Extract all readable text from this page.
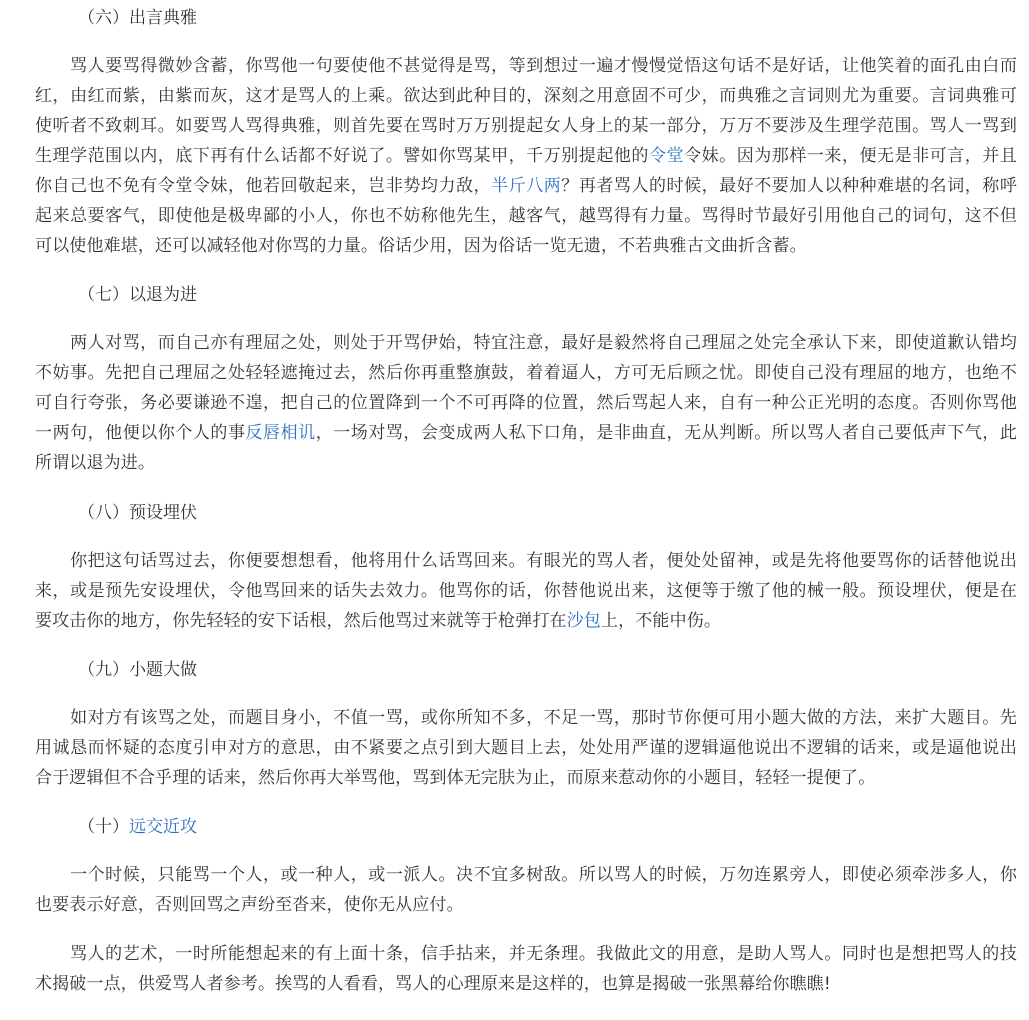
（六）出言典雅

　　骂人要骂得微妙含蓄，你骂他一句要使他不甚觉得是骂，等到想过一遍才慢慢觉悟这句话不是好话，让他笑着的面孔由白而
红，由红而紫，由紫而灰，这才是骂人的上乘。欲达到此种目的，深刻之用意固不可少，而典雅之言词则尤为重要。言词典雅可
使听者不致刺耳。如要骂人骂得典雅，则首先要在骂时万万别提起女人身上的某一部分，万万不要涉及生理学范围。骂人一骂到
生理学范围以内，底下再有什么话都不好说了。譬如你骂某甲，千万别提起他的令堂令妹。因为那样一来，便无是非可言，并且
你自己也不免有令堂令妹，他若回敬起来，岂非势均力敌，半斤八两？再者骂人的时候，最好不要加人以种种难堪的名词，称呼
起来总要客气，即使他是极卑鄙的小人，你也不妨称他先生，越客气，越骂得有力量。骂得时节最好引用他自己的词句，这不但
可以使他难堪，还可以减轻他对你骂的力量。俗话少用，因为俗话一览无遗，不若典雅古文曲折含蓄。

（七）以退为进

　　两人对骂，而自己亦有理屈之处，则处于开骂伊始，特宜注意，最好是毅然将自己理屈之处完全承认下来，即使道歉认错均
不妨事。先把自己理屈之处轻轻遮掩过去，然后你再重整旗鼓，着着逼人，方可无后顾之忧。即使自己没有理屈的地方，也绝不
可自行夸张，务必要谦逊不遑，把自己的位置降到一个不可再降的位置，然后骂起人来，自有一种公正光明的态度。否则你骂他
一两句，他便以你个人的事反唇相讥，一场对骂，会变成两人私下口角，是非曲直，无从判断。所以骂人者自己要低声下气，此
所谓以退为进。

（八）预设埋伏

　　你把这句话骂过去，你便要想想看，他将用什么话骂回来。有眼光的骂人者，便处处留神，或是先将他要骂你的话替他说出
来，或是预先安设埋伏，令他骂回来的话失去效力。他骂你的话，你替他说出来，这便等于缴了他的械一般。预设埋伏，便是在
要攻击你的地方，你先轻轻的安下话根，然后他骂过来就等于枪弹打在沙包上，不能中伤。

（九）小题大做

　　如对方有该骂之处，而题目身小，不值一骂，或你所知不多，不足一骂，那时节你便可用小题大做的方法，来扩大题目。先
用诚恳而怀疑的态度引申对方的意思，由不紧要之点引到大题目上去，处处用严谨的逻辑逼他说出不逻辑的话来，或是逼他说出
合于逻辑但不合乎理的话来，然后你再大举骂他，骂到体无完肤为止，而原来惹动你的小题目，轻轻一提便了。

（十）远交近攻

　　一个时候，只能骂一个人，或一种人，或一派人。决不宜多树敌。所以骂人的时候，万勿连累旁人，即使必须牵涉多人，你
也要表示好意，否则回骂之声纷至沓来，使你无从应付。

　　骂人的艺术，一时所能想起来的有上面十条，信手拈来，并无条理。我做此文的用意，是助人骂人。同时也是想把骂人的技
术揭破一点，供爱骂人者参考。挨骂的人看看，骂人的心理原来是这样的，也算是揭破一张黑幕给你瞧瞧!
